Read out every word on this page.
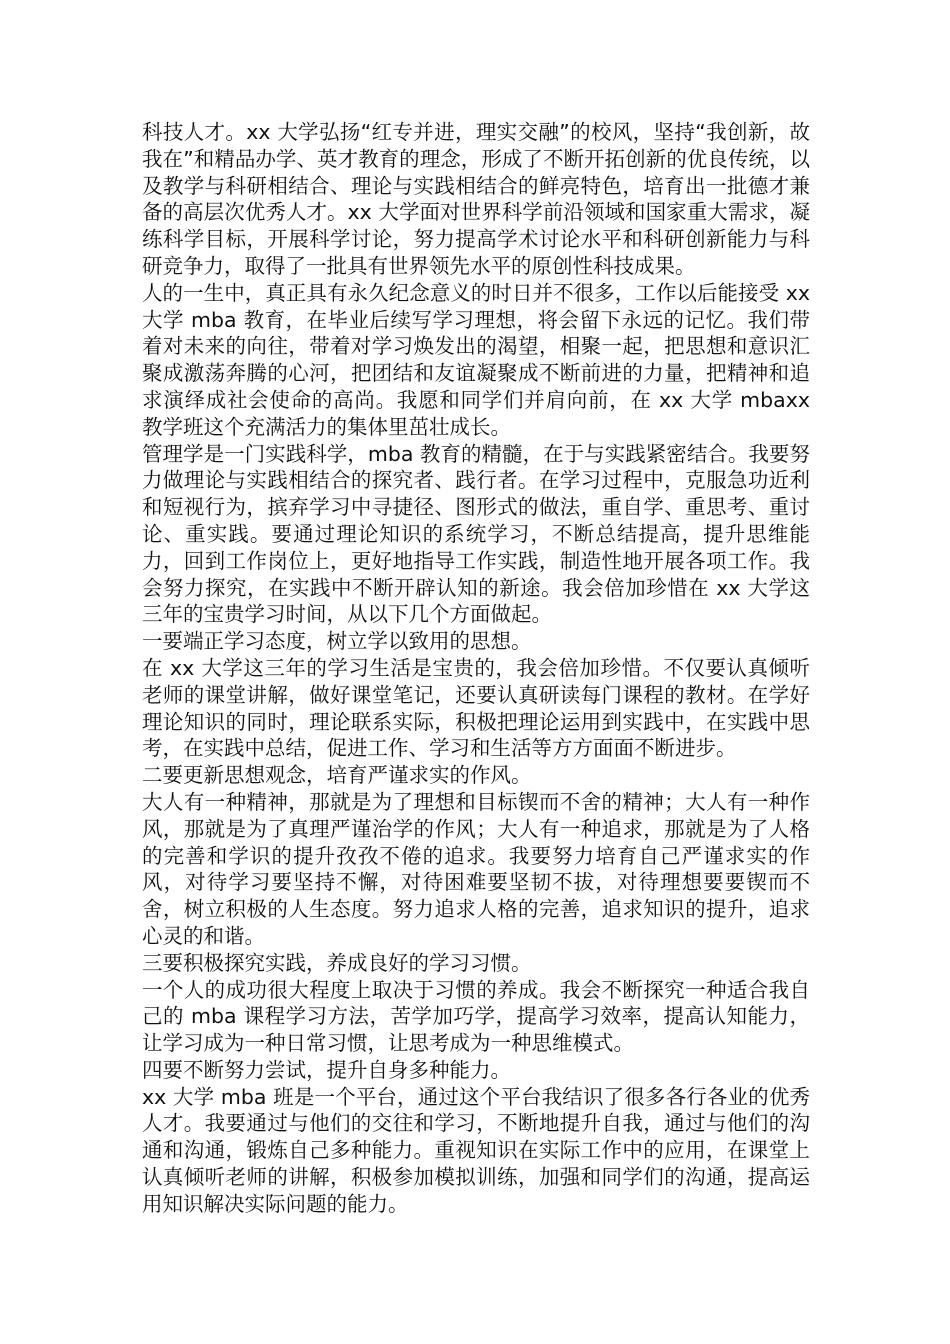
科技人才。xx 大学弘扬“红专并进，理实交融”的校风，坚持“我创新，故我在”和精品办学、英才教育的理念，形成了不断开拓创新的优良传统，以及教学与科研相结合、理论与实践相结合的鲜亮特色，培育出一批德才兼备的高层次优秀人才。xx 大学面对世界科学前沿领域和国家重大需求，凝练科学目标，开展科学讨论，努力提高学术讨论水平和科研创新能力与科研竞争力，取得了一批具有世界领先水平的原创性科技成果。

人的一生中，真正具有永久纪念意义的时日并不很多，工作以后能接受 xx 大学 mba 教育，在毕业后续写学习理想，将会留下永远的记忆。我们带着对未来的向往，带着对学习焕发出的渴望，相聚一起，把思想和意识汇聚成激荡奔腾的心河，把团结和友谊凝聚成不断前进的力量，把精神和追求演绎成社会使命的高尚。我愿和同学们并肩向前，在 xx 大学 mbaxx 教学班这个充满活力的集体里茁壮成长。

管理学是一门实践科学，mba 教育的精髓，在于与实践紧密结合。我要努力做理论与实践相结合的探究者、践行者。在学习过程中，克服急功近利和短视行为，摈弃学习中寻捷径、图形式的做法，重自学、重思考、重讨论、重实践。要通过理论知识的系统学习，不断总结提高，提升思维能力，回到工作岗位上，更好地指导工作实践，制造性地开展各项工作。我会努力探究，在实践中不断开辟认知的新途。我会倍加珍惜在 xx 大学这三年的宝贵学习时间，从以下几个方面做起。

一要端正学习态度，树立学以致用的思想。

在 xx 大学这三年的学习生活是宝贵的，我会倍加珍惜。不仅要认真倾听老师的课堂讲解，做好课堂笔记，还要认真研读每门课程的教材。在学好理论知识的同时，理论联系实际，积极把理论运用到实践中，在实践中思考，在实践中总结，促进工作、学习和生活等方方面面不断进步。

二要更新思想观念，培育严谨求实的作风。

大人有一种精神，那就是为了理想和目标锲而不舍的精神；大人有一种作风，那就是为了真理严谨治学的作风；大人有一种追求，那就是为了人格的完善和学识的提升孜孜不倦的追求。我要努力培育自己严谨求实的作风，对待学习要坚持不懈，对待困难要坚韧不拔，对待理想要要锲而不舍，树立积极的人生态度。努力追求人格的完善，追求知识的提升，追求心灵的和谐。

三要积极探究实践，养成良好的学习习惯。

一个人的成功很大程度上取决于习惯的养成。我会不断探究一种适合我自己的 mba 课程学习方法，苦学加巧学，提高学习效率，提高认知能力，让学习成为一种日常习惯，让思考成为一种思维模式。

四要不断努力尝试，提升自身多种能力。

xx 大学 mba 班是一个平台，通过这个平台我结识了很多各行各业的优秀人才。我要通过与他们的交往和学习，不断地提升自我，通过与他们的沟通和沟通，锻炼自己多种能力。重视知识在实际工作中的应用，在课堂上认真倾听老师的讲解，积极参加模拟训练，加强和同学们的沟通，提高运用知识解决实际问题的能力。
